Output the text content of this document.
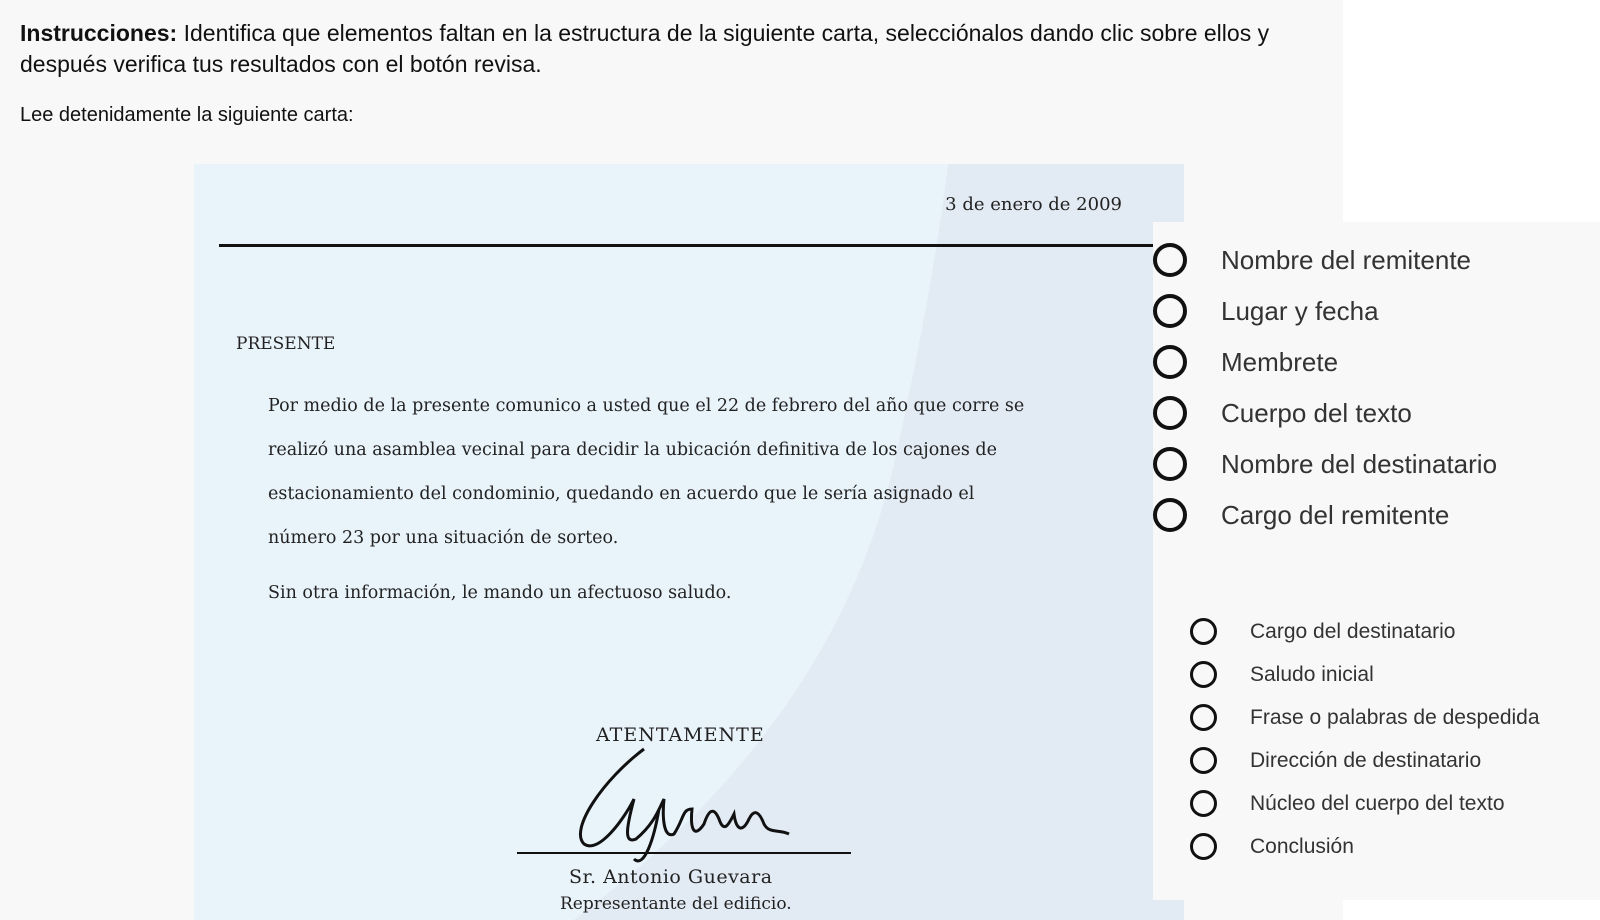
Instrucciones: Identifica que elementos faltan en la estructura de la siguiente carta, selecciónalos dando clic sobre ellos y después verifica tus resultados con el botón revisa.
Lee detenidamente la siguiente carta:
3 de enero de 2009
PRESENTE
Por medio de la presente comunico a usted que el 22 de febrero del año que corre se
realizó una asamblea vecinal para decidir la ubicación definitiva de los cajones de
estacionamiento del condominio, quedando en acuerdo que le sería asignado el
número 23 por una situación de sorteo.
Sin otra información, le mando un afectuoso saludo.
ATENTAMENTE
Sr. Antonio Guevara
Representante del edificio.
Nombre del remitente
Lugar y fecha
Membrete
Cuerpo del texto
Nombre del destinatario
Cargo del remitente
Cargo del destinatario
Saludo inicial
Frase o palabras de despedida
Dirección de destinatario
Núcleo del cuerpo del texto
Conclusión
